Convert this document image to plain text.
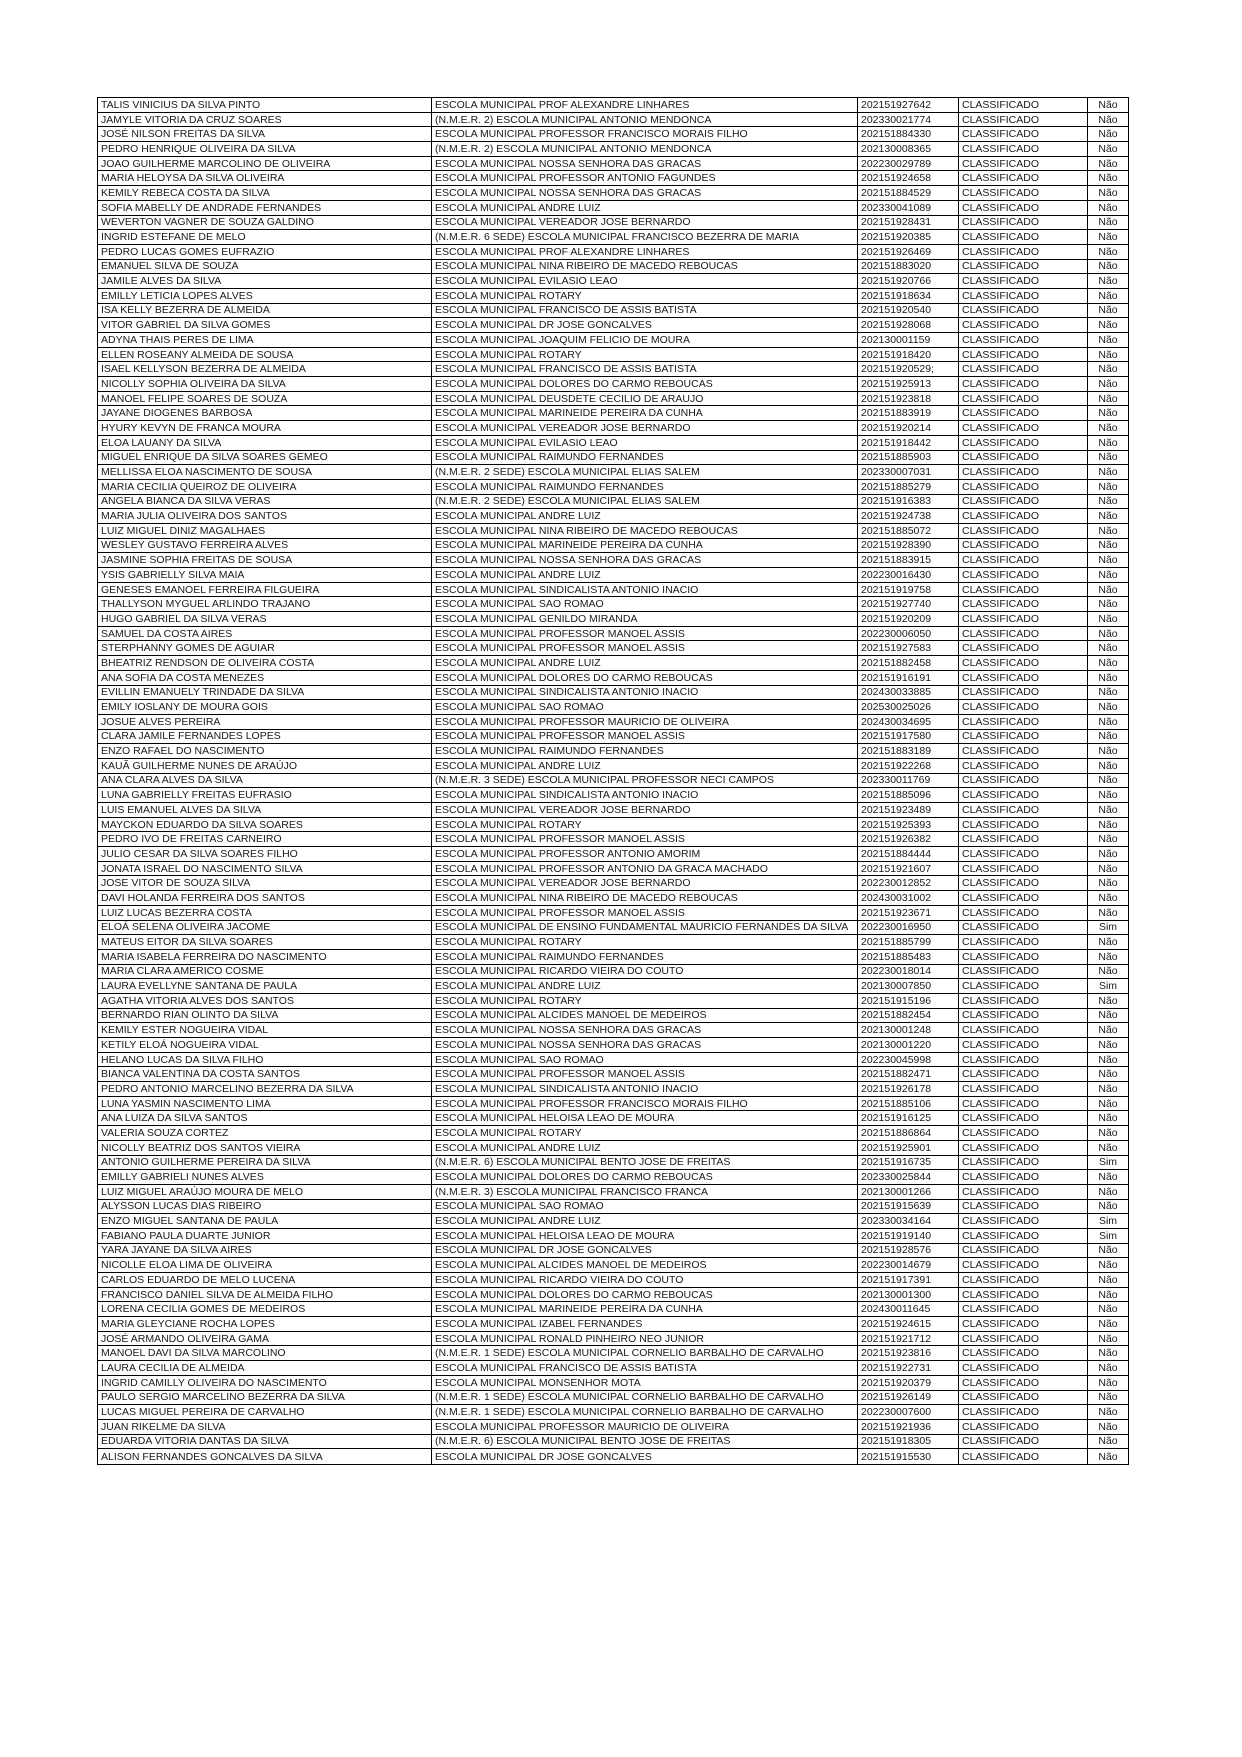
TALIS VINICIUS DA SILVA PINTO	ESCOLA MUNICIPAL PROF ALEXANDRE LINHARES	202151927642	CLASSIFICADO	Não
JAMYLE VITORIA DA CRUZ SOARES	(N.M.E.R. 2) ESCOLA MUNICIPAL ANTONIO MENDONCA	202330021774	CLASSIFICADO	Não
JOSÉ NILSON FREITAS DA SILVA	ESCOLA MUNICIPAL PROFESSOR FRANCISCO MORAIS FILHO	202151884330	CLASSIFICADO	Não
PEDRO HENRIQUE OLIVEIRA DA SILVA	(N.M.E.R. 2) ESCOLA MUNICIPAL ANTONIO MENDONCA	202130008365	CLASSIFICADO	Não
JOAO GUILHERME MARCOLINO DE OLIVEIRA	ESCOLA MUNICIPAL NOSSA SENHORA DAS GRACAS	202230029789	CLASSIFICADO	Não
MARIA HELOYSA DA SILVA OLIVEIRA	ESCOLA MUNICIPAL PROFESSOR ANTONIO FAGUNDES	202151924658	CLASSIFICADO	Não
KEMILY REBECA COSTA DA SILVA	ESCOLA MUNICIPAL NOSSA SENHORA DAS GRACAS	202151884529	CLASSIFICADO	Não
SOFIA MABELLY DE ANDRADE FERNANDES	ESCOLA MUNICIPAL ANDRE LUIZ	202330041089	CLASSIFICADO	Não
WEVERTON VAGNER DE SOUZA GALDINO	ESCOLA MUNICIPAL VEREADOR JOSE BERNARDO	202151928431	CLASSIFICADO	Não
INGRID ESTEFANE DE MELO	(N.M.E.R. 6 SEDE) ESCOLA MUNICIPAL FRANCISCO BEZERRA DE MARIA	202151920385	CLASSIFICADO	Não
PEDRO LUCAS GOMES EUFRAZIO	ESCOLA MUNICIPAL PROF ALEXANDRE LINHARES	202151926469	CLASSIFICADO	Não
EMANUEL SILVA DE SOUZA	ESCOLA MUNICIPAL NINA RIBEIRO DE MACEDO REBOUCAS	202151883020	CLASSIFICADO	Não
JAMILE ALVES DA SILVA	ESCOLA MUNICIPAL EVILASIO LEAO	202151920766	CLASSIFICADO	Não
EMILLY LETICIA LOPES ALVES	ESCOLA MUNICIPAL ROTARY	202151918634	CLASSIFICADO	Não
ISA KELLY BEZERRA DE ALMEIDA	ESCOLA MUNICIPAL FRANCISCO DE ASSIS BATISTA	202151920540	CLASSIFICADO	Não
VITOR GABRIEL DA SILVA GOMES	ESCOLA MUNICIPAL DR JOSE GONCALVES	202151928068	CLASSIFICADO	Não
ADYNA THAIS PERES DE LIMA	ESCOLA MUNICIPAL JOAQUIM FELICIO DE MOURA	202130001159	CLASSIFICADO	Não
ELLEN ROSEANY ALMEIDA DE SOUSA	ESCOLA MUNICIPAL ROTARY	202151918420	CLASSIFICADO	Não
ISAEL KELLYSON BEZERRA DE ALMEIDA	ESCOLA MUNICIPAL FRANCISCO DE ASSIS BATISTA	202151920529;	CLASSIFICADO	Não
NICOLLY SOPHIA OLIVEIRA DA SILVA	ESCOLA MUNICIPAL DOLORES DO CARMO REBOUCAS	202151925913	CLASSIFICADO	Não
MANOEL FELIPE SOARES DE SOUZA	ESCOLA MUNICIPAL DEUSDETE CECILIO DE ARAUJO	202151923818	CLASSIFICADO	Não
JAYANE DIOGENES BARBOSA	ESCOLA MUNICIPAL MARINEIDE PEREIRA DA CUNHA	202151883919	CLASSIFICADO	Não
HYURY KEVYN DE FRANCA MOURA	ESCOLA MUNICIPAL VEREADOR JOSE BERNARDO	202151920214	CLASSIFICADO	Não
ELOA LAUANY DA SILVA	ESCOLA MUNICIPAL EVILASIO LEAO	202151918442	CLASSIFICADO	Não
MIGUEL ENRIQUE DA SILVA SOARES GEMEO	ESCOLA MUNICIPAL RAIMUNDO FERNANDES	202151885903	CLASSIFICADO	Não
MELLISSA ELOA NASCIMENTO DE SOUSA	(N.M.E.R. 2 SEDE) ESCOLA MUNICIPAL ELIAS SALEM	202330007031	CLASSIFICADO	Não
MARIA CECILIA QUEIROZ DE OLIVEIRA	ESCOLA MUNICIPAL RAIMUNDO FERNANDES	202151885279	CLASSIFICADO	Não
ANGELA BIANCA DA SILVA VERAS	(N.M.E.R. 2 SEDE) ESCOLA MUNICIPAL ELIAS SALEM	202151916383	CLASSIFICADO	Não
MARIA JULIA OLIVEIRA DOS SANTOS	ESCOLA MUNICIPAL ANDRE LUIZ	202151924738	CLASSIFICADO	Não
LUIZ MIGUEL DINIZ MAGALHAES	ESCOLA MUNICIPAL NINA RIBEIRO DE MACEDO REBOUCAS	202151885072	CLASSIFICADO	Não
WESLEY GUSTAVO FERREIRA ALVES	ESCOLA MUNICIPAL MARINEIDE PEREIRA DA CUNHA	202151928390	CLASSIFICADO	Não
JASMINE SOPHIA FREITAS DE SOUSA	ESCOLA MUNICIPAL NOSSA SENHORA DAS GRACAS	202151883915	CLASSIFICADO	Não
YSIS GABRIELLY SILVA MAIA	ESCOLA MUNICIPAL ANDRE LUIZ	202230016430	CLASSIFICADO	Não
GENESES EMANOEL FERREIRA FILGUEIRA	ESCOLA MUNICIPAL SINDICALISTA ANTONIO INACIO	202151919758	CLASSIFICADO	Não
THALLYSON MYGUEL ARLINDO TRAJANO	ESCOLA MUNICIPAL SAO ROMAO	202151927740	CLASSIFICADO	Não
HUGO GABRIEL DA SILVA VERAS	ESCOLA MUNICIPAL GENILDO MIRANDA	202151920209	CLASSIFICADO	Não
SAMUEL DA COSTA AIRES	ESCOLA MUNICIPAL PROFESSOR MANOEL ASSIS	202230006050	CLASSIFICADO	Não
STERPHANNY GOMES DE AGUIAR	ESCOLA MUNICIPAL PROFESSOR MANOEL ASSIS	202151927583	CLASSIFICADO	Não
BHEATRIZ RENDSON DE OLIVEIRA COSTA	ESCOLA MUNICIPAL ANDRE LUIZ	202151882458	CLASSIFICADO	Não
ANA SOFIA DA COSTA MENEZES	ESCOLA MUNICIPAL DOLORES DO CARMO REBOUCAS	202151916191	CLASSIFICADO	Não
EVILLIN EMANUELY TRINDADE DA SILVA	ESCOLA MUNICIPAL SINDICALISTA ANTONIO INACIO	202430033885	CLASSIFICADO	Não
EMILY IOSLANY DE MOURA GOIS	ESCOLA MUNICIPAL SAO ROMAO	202530025026	CLASSIFICADO	Não
JOSUE ALVES PEREIRA	ESCOLA MUNICIPAL PROFESSOR MAURICIO DE OLIVEIRA	202430034695	CLASSIFICADO	Não
CLARA JAMILE FERNANDES LOPES	ESCOLA MUNICIPAL PROFESSOR MANOEL ASSIS	202151917580	CLASSIFICADO	Não
ENZO RAFAEL DO NASCIMENTO	ESCOLA MUNICIPAL RAIMUNDO FERNANDES	202151883189	CLASSIFICADO	Não
KAUÃ GUILHERME NUNES DE ARAÚJO	ESCOLA MUNICIPAL ANDRE LUIZ	202151922268	CLASSIFICADO	Não
ANA CLARA ALVES DA SILVA	(N.M.E.R. 3 SEDE) ESCOLA MUNICIPAL PROFESSOR NECI CAMPOS	202330011769	CLASSIFICADO	Não
LUNA GABRIELLY FREITAS EUFRASIO	ESCOLA MUNICIPAL SINDICALISTA ANTONIO INACIO	202151885096	CLASSIFICADO	Não
LUIS EMANUEL ALVES DA SILVA	ESCOLA MUNICIPAL VEREADOR JOSE BERNARDO	202151923489	CLASSIFICADO	Não
MAYCKON EDUARDO DA SILVA SOARES	ESCOLA MUNICIPAL ROTARY	202151925393	CLASSIFICADO	Não
PEDRO IVO DE FREITAS CARNEIRO	ESCOLA MUNICIPAL PROFESSOR MANOEL ASSIS	202151926382	CLASSIFICADO	Não
JULIO CESAR DA SILVA SOARES FILHO	ESCOLA MUNICIPAL PROFESSOR ANTONIO AMORIM	202151884444	CLASSIFICADO	Não
JONATA ISRAEL DO NASCIMENTO SILVA	ESCOLA MUNICIPAL PROFESSOR ANTONIO DA GRACA MACHADO	202151921607	CLASSIFICADO	Não
JOSE VITOR DE SOUZA SILVA	ESCOLA MUNICIPAL VEREADOR JOSE BERNARDO	202230012852	CLASSIFICADO	Não
DAVI HOLANDA FERREIRA DOS SANTOS	ESCOLA MUNICIPAL NINA RIBEIRO DE MACEDO REBOUCAS	202430031002	CLASSIFICADO	Não
LUIZ LUCAS BEZERRA COSTA	ESCOLA MUNICIPAL PROFESSOR MANOEL ASSIS	202151923671	CLASSIFICADO	Não
ELOÁ SELENA OLIVEIRA JACOME	ESCOLA MUNICIPAL DE ENSINO FUNDAMENTAL MAURICIO FERNANDES DA SILVA	202230016950	CLASSIFICADO	Sim
MATEUS EITOR DA SILVA SOARES	ESCOLA MUNICIPAL ROTARY	202151885799	CLASSIFICADO	Não
MARIA ISABELA FERREIRA DO NASCIMENTO	ESCOLA MUNICIPAL RAIMUNDO FERNANDES	202151885483	CLASSIFICADO	Não
MARIA CLARA AMERICO COSME	ESCOLA MUNICIPAL RICARDO VIEIRA DO COUTO	202230018014	CLASSIFICADO	Não
LAURA EVELLYNE SANTANA DE PAULA	ESCOLA MUNICIPAL ANDRE LUIZ	202130007850	CLASSIFICADO	Sim
AGATHA VITORIA ALVES DOS SANTOS	ESCOLA MUNICIPAL ROTARY	202151915196	CLASSIFICADO	Não
BERNARDO RIAN OLINTO DA SILVA	ESCOLA MUNICIPAL ALCIDES MANOEL DE MEDEIROS	202151882454	CLASSIFICADO	Não
KEMILY ESTER NOGUEIRA VIDAL	ESCOLA MUNICIPAL NOSSA SENHORA DAS GRACAS	202130001248	CLASSIFICADO	Não
KETILY ELOÁ NOGUEIRA VIDAL	ESCOLA MUNICIPAL NOSSA SENHORA DAS GRACAS	202130001220	CLASSIFICADO	Não
HELANO LUCAS DA SILVA FILHO	ESCOLA MUNICIPAL SAO ROMAO	202230045998	CLASSIFICADO	Não
BIANCA VALENTINA DA COSTA SANTOS	ESCOLA MUNICIPAL PROFESSOR MANOEL ASSIS	202151882471	CLASSIFICADO	Não
PEDRO ANTONIO MARCELINO BEZERRA DA SILVA	ESCOLA MUNICIPAL SINDICALISTA ANTONIO INACIO	202151926178	CLASSIFICADO	Não
LUNA YASMIN NASCIMENTO LIMA	ESCOLA MUNICIPAL PROFESSOR FRANCISCO MORAIS FILHO	202151885106	CLASSIFICADO	Não
ANA LUIZA DA SILVA SANTOS	ESCOLA MUNICIPAL HELOISA LEAO DE MOURA	202151916125	CLASSIFICADO	Não
VALERIA SOUZA CORTEZ	ESCOLA MUNICIPAL ROTARY	202151886864	CLASSIFICADO	Não
NICOLLY BEATRIZ DOS SANTOS VIEIRA	ESCOLA MUNICIPAL ANDRE LUIZ	202151925901	CLASSIFICADO	Não
ANTONIO GUILHERME PEREIRA DA SILVA	(N.M.E.R. 6) ESCOLA MUNICIPAL BENTO JOSE DE FREITAS	202151916735	CLASSIFICADO	Sim
EMILLY GABRIELI NUNES ALVES	ESCOLA MUNICIPAL DOLORES DO CARMO REBOUCAS	202330025844	CLASSIFICADO	Não
LUIZ MIGUEL ARAÚJO MOURA DE MELO	(N.M.E.R. 3) ESCOLA MUNICIPAL FRANCISCO FRANCA	202130001266	CLASSIFICADO	Não
ALYSSON LUCAS DIAS RIBEIRO	ESCOLA MUNICIPAL SAO ROMAO	202151915639	CLASSIFICADO	Não
ENZO MIGUEL SANTANA DE PAULA	ESCOLA MUNICIPAL ANDRE LUIZ	202330034164	CLASSIFICADO	Sim
FABIANO PAULA DUARTE JUNIOR	ESCOLA MUNICIPAL HELOISA LEAO DE MOURA	202151919140	CLASSIFICADO	Sim
YARA JAYANE DA SILVA AIRES	ESCOLA MUNICIPAL DR JOSE GONCALVES	202151928576	CLASSIFICADO	Não
NICOLLE ELOA LIMA DE OLIVEIRA	ESCOLA MUNICIPAL ALCIDES MANOEL DE MEDEIROS	202230014679	CLASSIFICADO	Não
CARLOS EDUARDO DE MELO LUCENA	ESCOLA MUNICIPAL RICARDO VIEIRA DO COUTO	202151917391	CLASSIFICADO	Não
FRANCISCO DANIEL SILVA DE ALMEIDA FILHO	ESCOLA MUNICIPAL DOLORES DO CARMO REBOUCAS	202130001300	CLASSIFICADO	Não
LORENA CECILIA GOMES DE MEDEIROS	ESCOLA MUNICIPAL MARINEIDE PEREIRA DA CUNHA	202430011645	CLASSIFICADO	Não
MARIA GLEYCIANE ROCHA LOPES	ESCOLA MUNICIPAL IZABEL FERNANDES	202151924615	CLASSIFICADO	Não
JOSÉ ARMANDO OLIVEIRA GAMA	ESCOLA MUNICIPAL RONALD PINHEIRO NEO JUNIOR	202151921712	CLASSIFICADO	Não
MANOEL DAVI DA SILVA MARCOLINO	(N.M.E.R. 1 SEDE) ESCOLA MUNICIPAL CORNELIO BARBALHO DE CARVALHO	202151923816	CLASSIFICADO	Não
LAURA CECILIA DE ALMEIDA	ESCOLA MUNICIPAL FRANCISCO DE ASSIS BATISTA	202151922731	CLASSIFICADO	Não
INGRID CAMILLY OLIVEIRA DO NASCIMENTO	ESCOLA MUNICIPAL MONSENHOR MOTA	202151920379	CLASSIFICADO	Não
PAULO SERGIO MARCELINO BEZERRA DA SILVA	(N.M.E.R. 1 SEDE) ESCOLA MUNICIPAL CORNELIO BARBALHO DE CARVALHO	202151926149	CLASSIFICADO	Não
LUCAS MIGUEL PEREIRA DE CARVALHO	(N.M.E.R. 1 SEDE) ESCOLA MUNICIPAL CORNELIO BARBALHO DE CARVALHO	202230007600	CLASSIFICADO	Não
JUAN RIKELME DA SILVA	ESCOLA MUNICIPAL PROFESSOR MAURICIO DE OLIVEIRA	202151921936	CLASSIFICADO	Não
EDUARDA VITORIA DANTAS DA SILVA	(N.M.E.R. 6) ESCOLA MUNICIPAL BENTO JOSE DE FREITAS	202151918305	CLASSIFICADO	Não
ALISON FERNANDES GONCALVES DA SILVA	ESCOLA MUNICIPAL DR JOSE GONCALVES	202151915530	CLASSIFICADO	Não
